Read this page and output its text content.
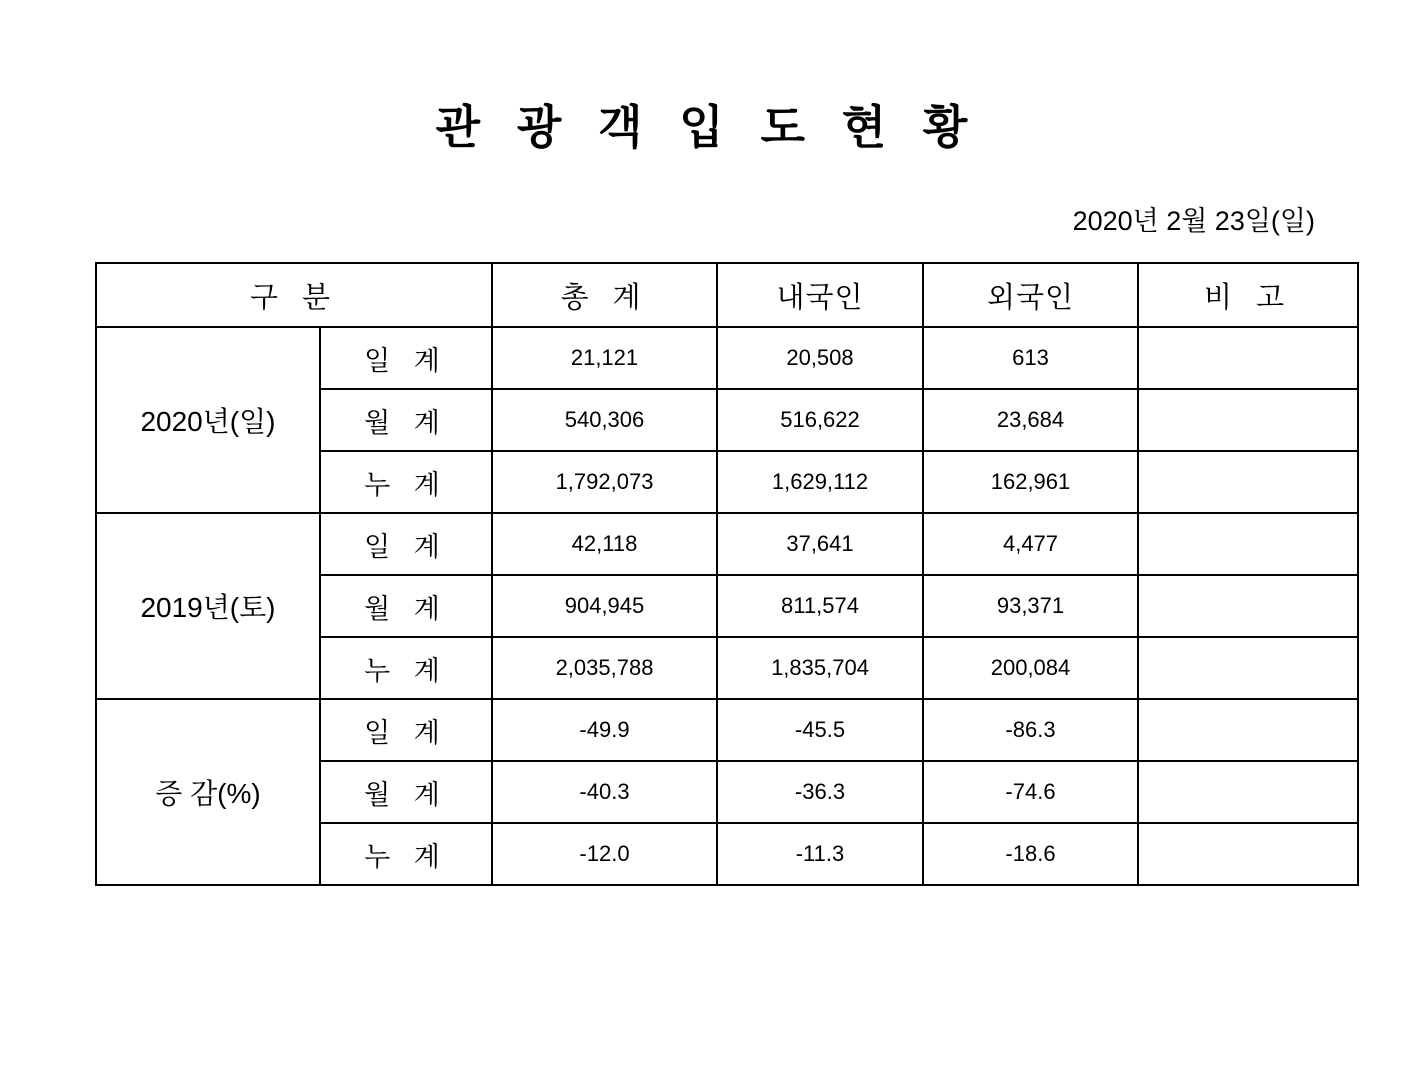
관 광 객 입 도 현 황
2020년 2월 23일(일)
구 분		총 계	내국인	외국인	비 고
2020년(일)	일 계	21,121	20,508	613	
	월 계	540,306	516,622	23,684	
	누 계	1,792,073	1,629,112	162,961	
2019년(토)	일 계	42,118	37,641	4,477	
	월 계	904,945	811,574	93,371	
	누 계	2,035,788	1,835,704	200,084	
증 감(%)	일 계	-49.9	-45.5	-86.3	
	월 계	-40.3	-36.3	-74.6	
	누 계	-12.0	-11.3	-18.6	
